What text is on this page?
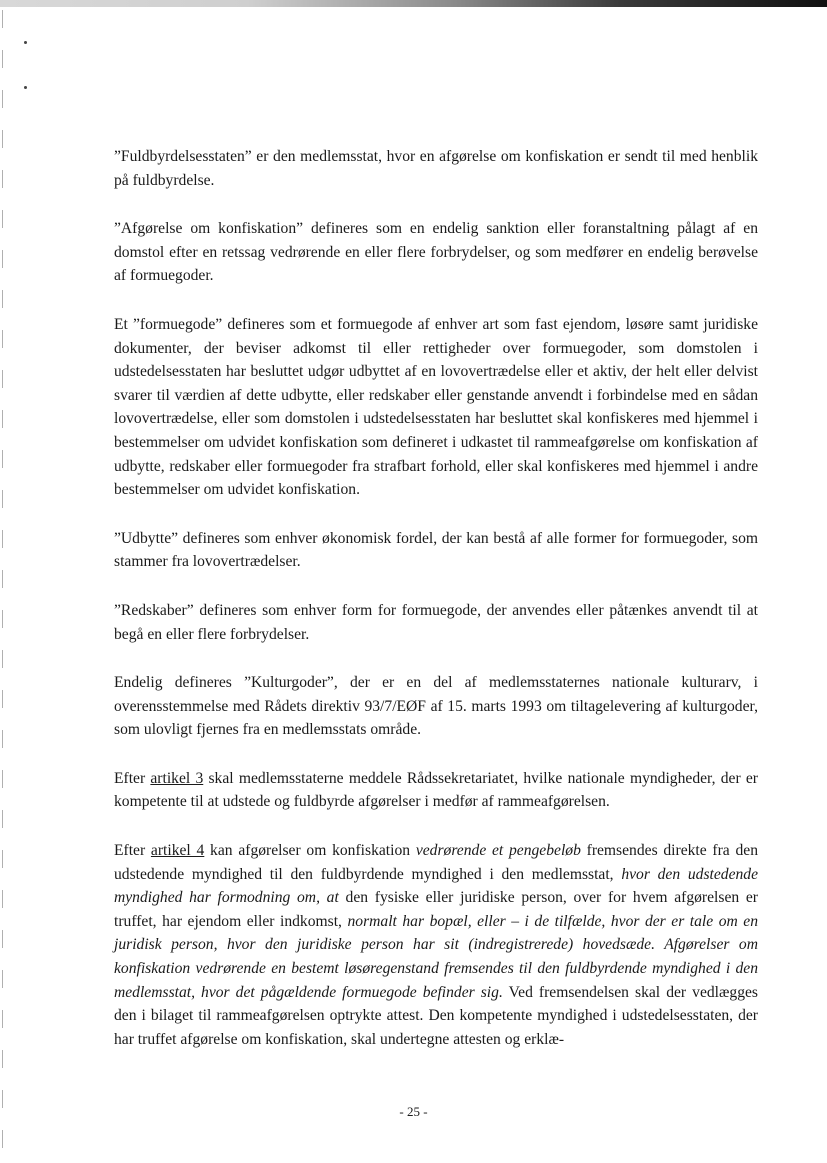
”Fuldbyrdelsesstaten” er den medlemsstat, hvor en afgørelse om konfiskation er sendt til med henblik på fuldbyrdelse.

”Afgørelse om konfiskation” defineres som en endelig sanktion eller foranstaltning pålagt af en domstol efter en retssag vedrørende en eller flere forbrydelser, og som medfører en endelig berøvelse af formuegoder.

Et ”formuegode” defineres som et formuegode af enhver art som fast ejendom, løsøre samt juridiske dokumenter, der beviser adkomst til eller rettigheder over formuegoder, som domstolen i udstedelsesstaten har besluttet udgør udbyttet af en lovovertrædelse eller et aktiv, der helt eller delvist svarer til værdien af dette udbytte, eller redskaber eller genstande anvendt i forbindelse med en sådan lovovertrædelse, eller som domstolen i udstedelsesstaten har besluttet skal konfiskeres med hjemmel i bestemmelser om udvidet konfiskation som defineret i udkastet til rammeafgørelse om konfiskation af udbytte, redskaber eller formuegoder fra strafbart forhold, eller skal konfiskeres med hjemmel i andre bestemmelser om udvidet konfiskation.

”Udbytte” defineres som enhver økonomisk fordel, der kan bestå af alle former for formuegoder, som stammer fra lovovertrædelser.

”Redskaber” defineres som enhver form for formuegode, der anvendes eller påtænkes anvendt til at begå en eller flere forbrydelser.

Endelig defineres ”Kulturgoder”, der er en del af medlemsstaternes nationale kulturarv, i overensstemmelse med Rådets direktiv 93/7/EØF af 15. marts 1993 om tiltagelevering af kulturgoder, som ulovligt fjernes fra en medlemsstats område.

Efter artikel 3 skal medlemsstaterne meddele Rådssekretariatet, hvilke nationale myndigheder, der er kompetente til at udstede og fuldbyrde afgørelser i medfør af rammeafgørelsen.

Efter artikel 4 kan afgørelser om konfiskation vedrørende et pengebeløb fremsendes direkte fra den udstedende myndighed til den fuldbyrdende myndighed i den medlemsstat, hvor den udstedende myndighed har formodning om, at den fysiske eller juridiske person, over for hvem afgørelsen er truffet, har ejendom eller indkomst, normalt har bopæl, eller – i de tilfælde, hvor der er tale om en juridisk person, hvor den juridiske person har sit (indregistrerede) hovedsæde. Afgørelser om konfiskation vedrørende en bestemt løsøregenstand fremsendes til den fuldbyrdende myndighed i den medlemsstat, hvor det pågældende formuegode befinder sig. Ved fremsendelsen skal der vedlægges den i bilaget til rammeafgørelsen optrykte attest. Den kompetente myndighed i udstedelsesstaten, der har truffet afgørelse om konfiskation, skal undertegne attesten og erklæ-

- 25 -
